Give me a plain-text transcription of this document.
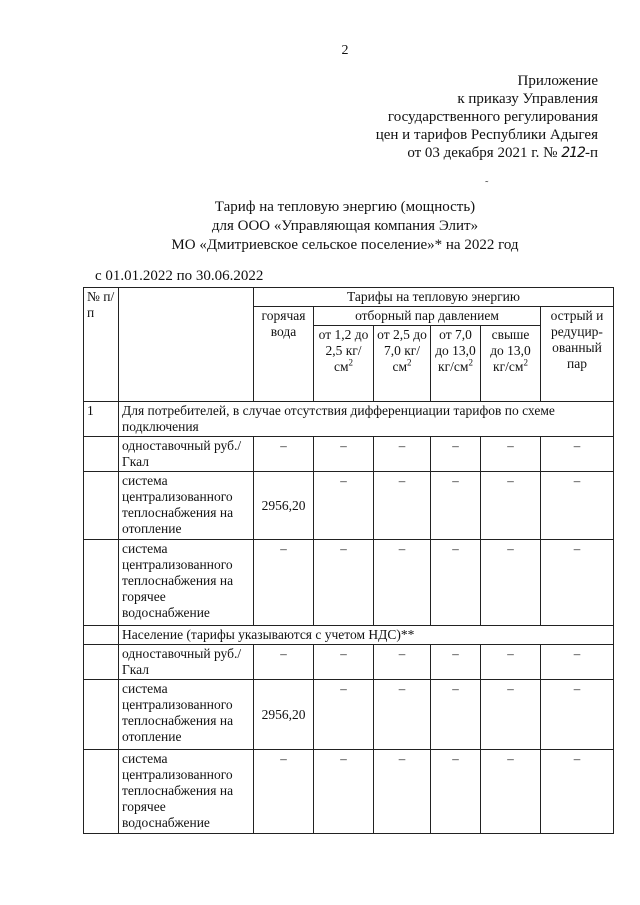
2
Приложение
к приказу Управления
государственного регулирования
цен и тарифов Республики Адыгея
от 03 декабря 2021 г. № 212-п
˜
Тариф на тепловую энергию (мощность)
для ООО «Управляющая компания Элит»
МО «Дмитриевское сельское поселение»* на 2022 год
с 01.01.2022 по 30.06.2022
№ п/п		Тарифы на тепловую энергию					
		горячая вода	отборный пар давлением				острый и редуцир-ованный пар
			от 1,2 до 2,5 $кг/см^2$	от 2,5 до 7,0 $кг/см^2$	от 7,0 до 13,0 $кг/см^2$	свыше до 13,0 $кг/см^2$
1	Для потребителей, в случае отсутствия дифференциации тарифов по схеме подключения						
	одноставочный руб./Гкал	–	–	–	–	–	–
	системa централизованного теплоснабжения на отопление	2956,20	–	–	–	–	–
	система централизованного теплоснабжения на горячее водоснабжение	–	–	–	–	–	–
	Население (тарифы указываются с учетом НДС)**						
	одноставочный руб./Гкал	–	–	–	–	–	–
	системa централизованного теплоснабжения на отопление	2956,20	–	–	–	–	–
	система централизованного теплоснабжения на горячее водоснабжение	–	–	–	–	–	–
